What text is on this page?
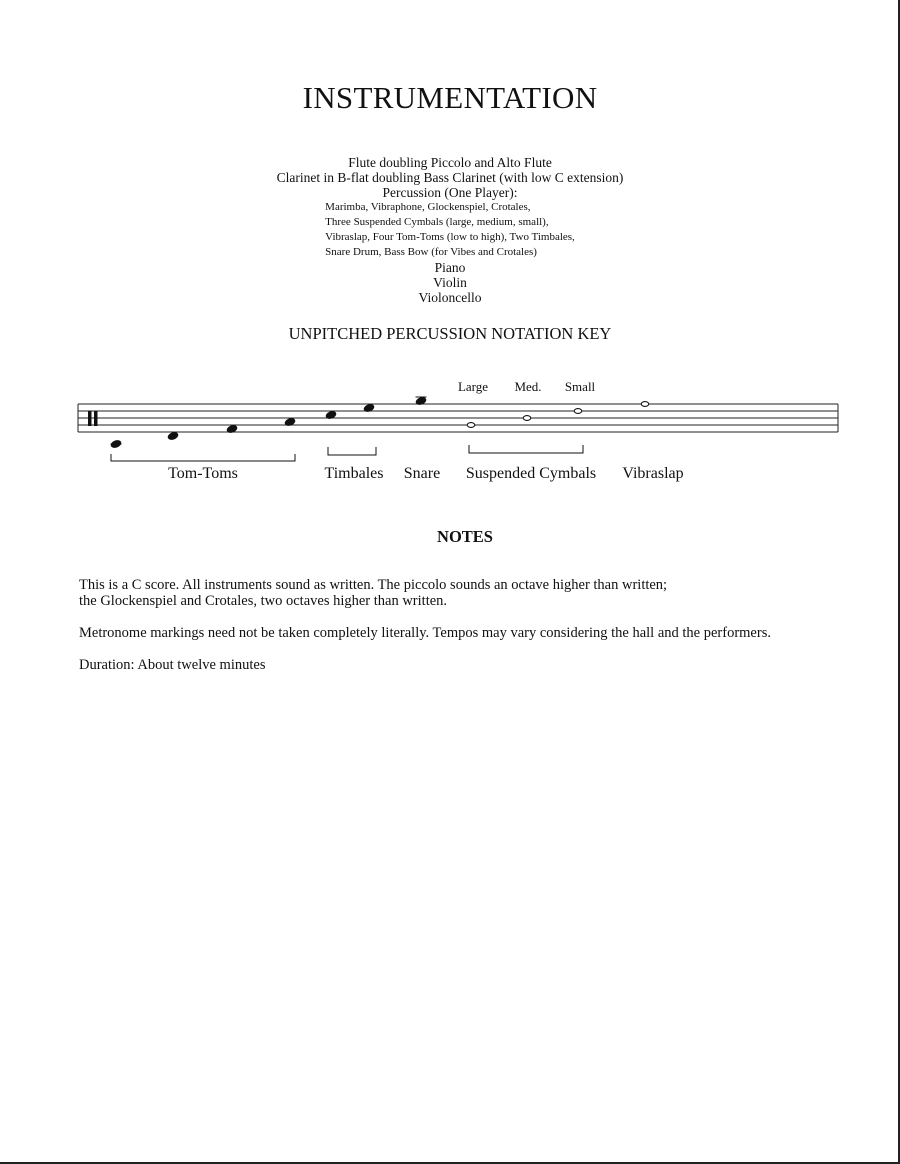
INSTRUMENTATION
Flute doubling Piccolo and Alto Flute
Clarinet in B-flat doubling Bass Clarinet (with low C extension)
Percussion (One Player):
Marimba, Vibraphone, Glockenspiel, Crotales,
Three Suspended Cymbals (large, medium, small),
Vibraslap, Four Tom-Toms (low to high), Two Timbales,
Snare Drum, Bass Bow (for Vibes and Crotales)
Piano
Violin
Violoncello
UNPITCHED PERCUSSION NOTATION KEY
Large Med. Small
Tom-Toms	Timbales Snare Suspended Cymbals Vibraslap
NOTES

This is a C score. All instruments sound as written. The piccolo sounds an octave higher than written;
the Glockenspiel and Crotales, two octaves higher than written.

Metronome markings need not be taken completely literally. Tempos may vary considering the hall and the performers.

Duration: About twelve minutes
